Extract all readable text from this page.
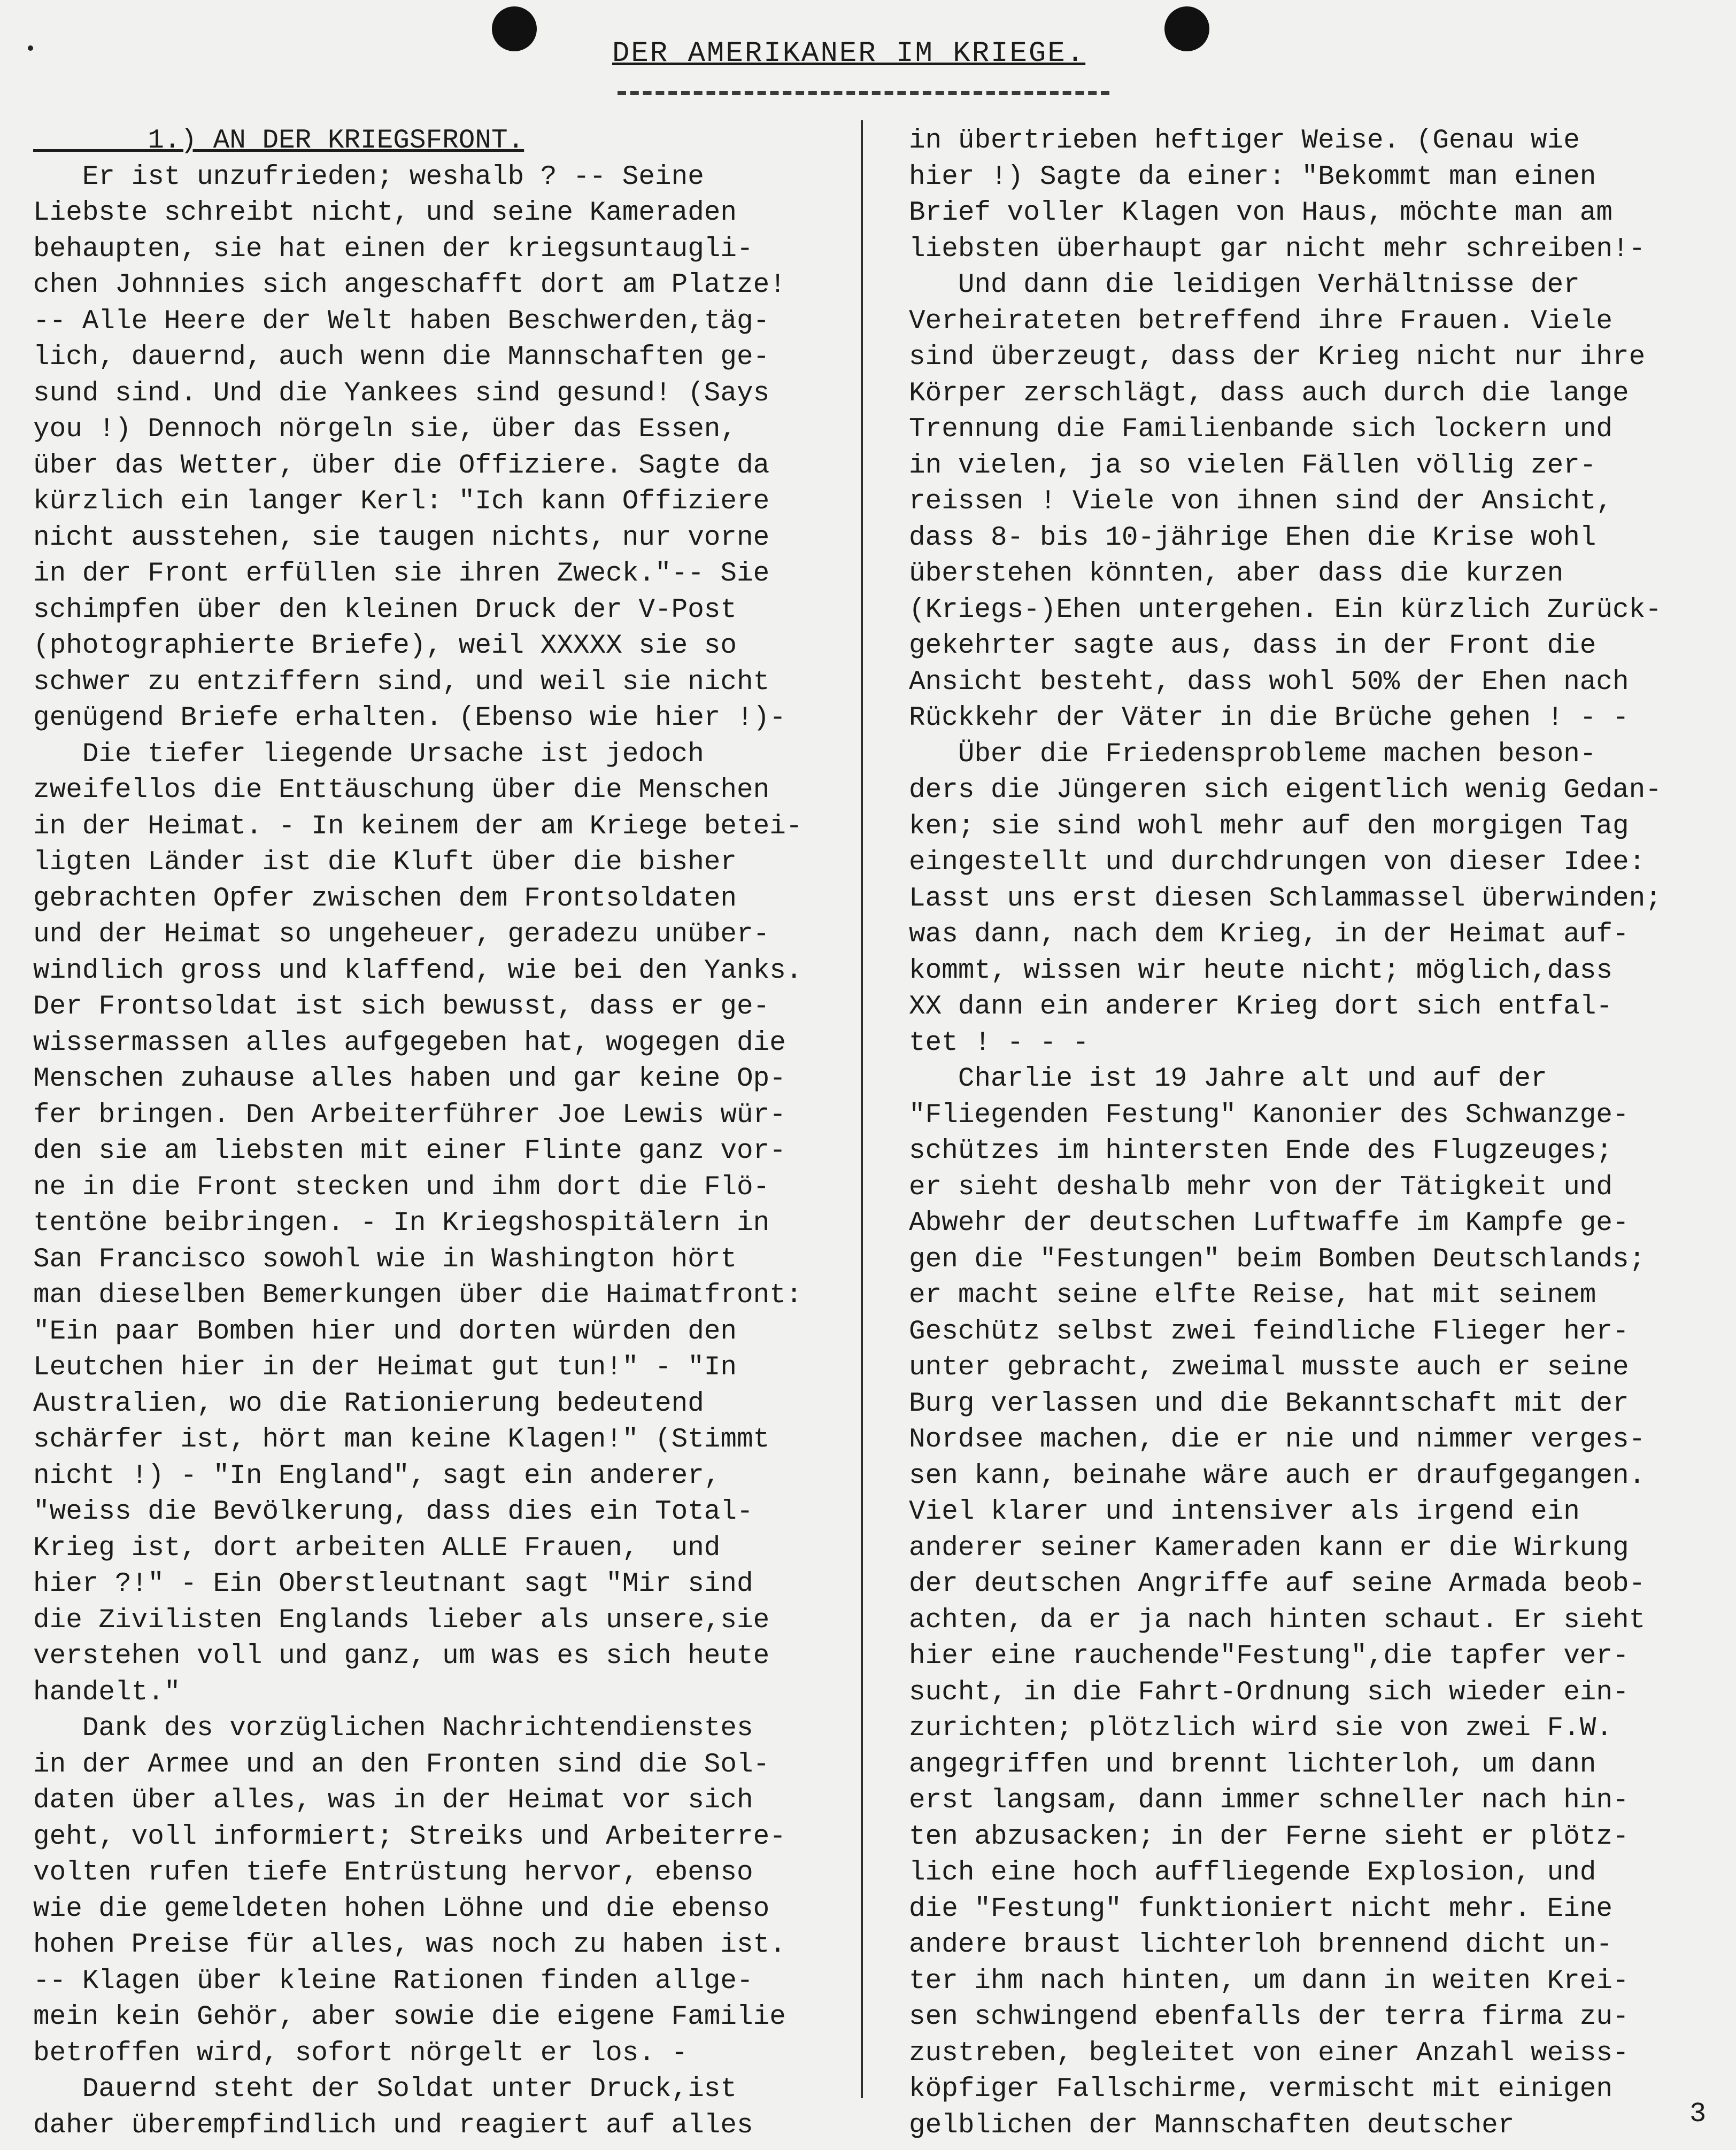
DER AMERIKANER IM KRIEGE.
1.) AN DER KRIEGSFRONT.
Er ist unzufrieden; weshalb ? -- Seine
Liebste schreibt nicht, und seine Kameraden
behaupten, sie hat einen der kriegsuntaugli-
chen Johnnies sich angeschafft dort am Platze!
-- Alle Heere der Welt haben Beschwerden,täg-
lich, dauernd, auch wenn die Mannschaften ge-
sund sind. Und die Yankees sind gesund! (Says
you !) Dennoch nörgeln sie, über das Essen,
über das Wetter, über die Offiziere. Sagte da
kürzlich ein langer Kerl: "Ich kann Offiziere
nicht ausstehen, sie taugen nichts, nur vorne
in der Front erfüllen sie ihren Zweck."-- Sie
schimpfen über den kleinen Druck der V-Post
(photographierte Briefe), weil XXXXX sie so
schwer zu entziffern sind, und weil sie nicht
genügend Briefe erhalten. (Ebenso wie hier !)-
Die tiefer liegende Ursache ist jedoch
zweifellos die Enttäuschung über die Menschen
in der Heimat. - In keinem der am Kriege betei-
ligten Länder ist die Kluft über die bisher
gebrachten Opfer zwischen dem Frontsoldaten
und der Heimat so ungeheuer, geradezu unüber-
windlich gross und klaffend, wie bei den Yanks.
Der Frontsoldat ist sich bewusst, dass er ge-
wissermassen alles aufgegeben hat, wogegen die
Menschen zuhause alles haben und gar keine Op-
fer bringen. Den Arbeiterführer Joe Lewis wür-
den sie am liebsten mit einer Flinte ganz vor-
ne in die Front stecken und ihm dort die Flö-
tentöne beibringen. - In Kriegshospitälern in
San Francisco sowohl wie in Washington hört
man dieselben Bemerkungen über die Haimatfront:
"Ein paar Bomben hier und dorten würden den
Leutchen hier in der Heimat gut tun!" - "In
Australien, wo die Rationierung bedeutend
schärfer ist, hört man keine Klagen!" (Stimmt
nicht !) - "In England", sagt ein anderer,
"weiss die Bevölkerung, dass dies ein Total-
Krieg ist, dort arbeiten ALLE Frauen,  und
hier ?!" - Ein Oberstleutnant sagt "Mir sind
die Zivilisten Englands lieber als unsere,sie
verstehen voll und ganz, um was es sich heute
handelt."
Dank des vorzüglichen Nachrichtendienstes
in der Armee und an den Fronten sind die Sol-
daten über alles, was in der Heimat vor sich
geht, voll informiert; Streiks und Arbeiterre-
volten rufen tiefe Entrüstung hervor, ebenso
wie die gemeldeten hohen Löhne und die ebenso
hohen Preise für alles, was noch zu haben ist.
-- Klagen über kleine Rationen finden allge-
mein kein Gehör, aber sowie die eigene Familie
betroffen wird, sofort nörgelt er los. -
Dauernd steht der Soldat unter Druck,ist
daher überempfindlich und reagiert auf alles
in übertrieben heftiger Weise. (Genau wie
hier !) Sagte da einer: "Bekommt man einen
Brief voller Klagen von Haus, möchte man am
liebsten überhaupt gar nicht mehr schreiben!-
Und dann die leidigen Verhältnisse der
Verheirateten betreffend ihre Frauen. Viele
sind überzeugt, dass der Krieg nicht nur ihre
Körper zerschlägt, dass auch durch die lange
Trennung die Familienbande sich lockern und
in vielen, ja so vielen Fällen völlig zer-
reissen ! Viele von ihnen sind der Ansicht,
dass 8- bis 10-jährige Ehen die Krise wohl
überstehen könnten, aber dass die kurzen
(Kriegs-)Ehen untergehen. Ein kürzlich Zurück-
gekehrter sagte aus, dass in der Front die
Ansicht besteht, dass wohl 50% der Ehen nach
Rückkehr der Väter in die Brüche gehen ! - -
Über die Friedensprobleme machen beson-
ders die Jüngeren sich eigentlich wenig Gedan-
ken; sie sind wohl mehr auf den morgigen Tag
eingestellt und durchdrungen von dieser Idee:
Lasst uns erst diesen Schlammassel überwinden;
was dann, nach dem Krieg, in der Heimat auf-
kommt, wissen wir heute nicht; möglich,dass
XX dann ein anderer Krieg dort sich entfal-
tet ! - - -
Charlie ist 19 Jahre alt und auf der
"Fliegenden Festung" Kanonier des Schwanzge-
schützes im hintersten Ende des Flugzeuges;
er sieht deshalb mehr von der Tätigkeit und
Abwehr der deutschen Luftwaffe im Kampfe ge-
gen die "Festungen" beim Bomben Deutschlands;
er macht seine elfte Reise, hat mit seinem
Geschütz selbst zwei feindliche Flieger her-
unter gebracht, zweimal musste auch er seine
Burg verlassen und die Bekanntschaft mit der
Nordsee machen, die er nie und nimmer verges-
sen kann, beinahe wäre auch er draufgegangen.
Viel klarer und intensiver als irgend ein
anderer seiner Kameraden kann er die Wirkung
der deutschen Angriffe auf seine Armada beob-
achten, da er ja nach hinten schaut. Er sieht
hier eine rauchende"Festung",die tapfer ver-
sucht, in die Fahrt-Ordnung sich wieder ein-
zurichten; plötzlich wird sie von zwei F.W.
angegriffen und brennt lichterloh, um dann
erst langsam, dann immer schneller nach hin-
ten abzusacken; in der Ferne sieht er plötz-
lich eine hoch auffliegende Explosion, und
die "Festung" funktioniert nicht mehr. Eine
andere braust lichterloh brennend dicht un-
ter ihm nach hinten, um dann in weiten Krei-
sen schwingend ebenfalls der terra firma zu-
zustreben, begleitet von einer Anzahl weiss-
köpfiger Fallschirme, vermischt mit einigen
gelblichen der Mannschaften deutscher	3
